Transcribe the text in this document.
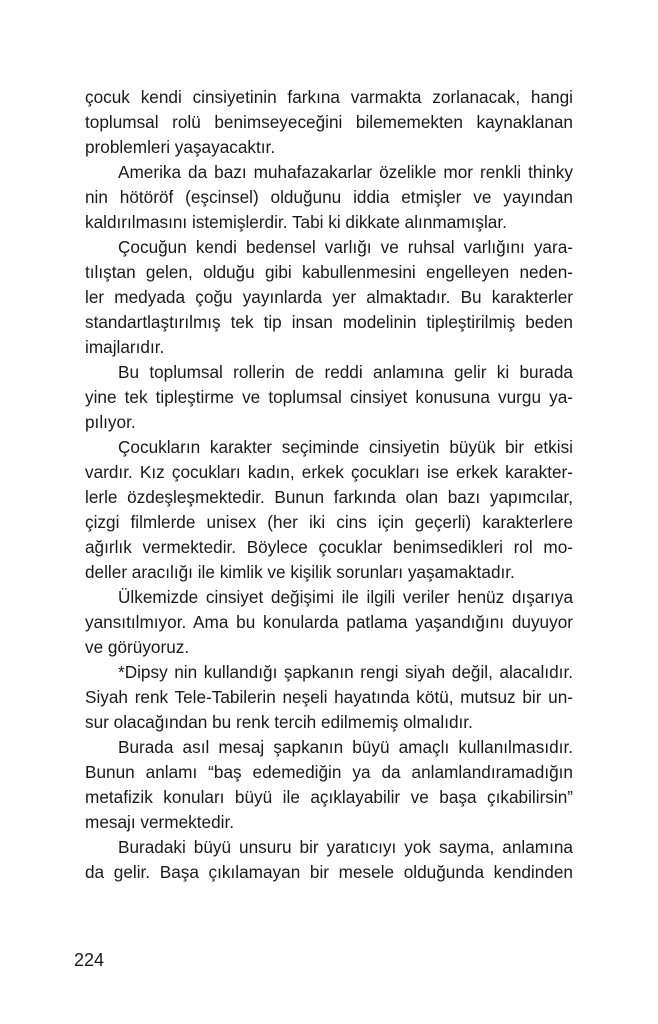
çocuk kendi cinsiyetinin farkına varmakta zorlanacak, hangi
toplumsal rolü benimseyeceğini bilememekten kaynaklanan
problemleri yaşayacaktır.
Amerika da bazı muhafazakarlar özelikle mor renkli thinky
nin hötöröf (eşcinsel) olduğunu iddia etmişler ve yayından
kaldırılmasını istemişlerdir. Tabi ki dikkate alınmamışlar.
Çocuğun kendi bedensel varlığı ve ruhsal varlığını yara-
tılıştan gelen, olduğu gibi kabullenmesini engelleyen neden-
ler medyada çoğu yayınlarda yer almaktadır. Bu karakterler
standartlaştırılmış tek tip insan modelinin tipleştirilmiş beden
imajlarıdır.
Bu toplumsal rollerin de reddi anlamına gelir ki burada
yine tek tipleştirme ve toplumsal cinsiyet konusuna vurgu ya-
pılıyor.
Çocukların karakter seçiminde cinsiyetin büyük bir etkisi
vardır. Kız çocukları kadın, erkek çocukları ise erkek karakter-
lerle özdeşleşmektedir. Bunun farkında olan bazı yapımcılar,
çizgi filmlerde unisex (her iki cins için geçerli) karakterlere
ağırlık vermektedir. Böylece çocuklar benimsedikleri rol mo-
deller aracılığı ile kimlik ve kişilik sorunları yaşamaktadır.
Ülkemizde cinsiyet değişimi ile ilgili veriler henüz dışarıya
yansıtılmıyor. Ama bu konularda patlama yaşandığını duyuyor
ve görüyoruz.
*Dipsy nin kullandığı şapkanın rengi siyah değil, alacalıdır.
Siyah renk Tele-Tabilerin neşeli hayatında kötü, mutsuz bir un-
sur olacağından bu renk tercih edilmemiş olmalıdır.
Burada asıl mesaj şapkanın büyü amaçlı kullanılmasıdır.
Bunun anlamı “baş edemediğin ya da anlamlandıramadığın
metafizik konuları büyü ile açıklayabilir ve başa çıkabilirsin”
mesajı vermektedir.
Buradaki büyü unsuru bir yaratıcıyı yok sayma, anlamına
da gelir. Başa çıkılamayan bir mesele olduğunda kendinden
224
